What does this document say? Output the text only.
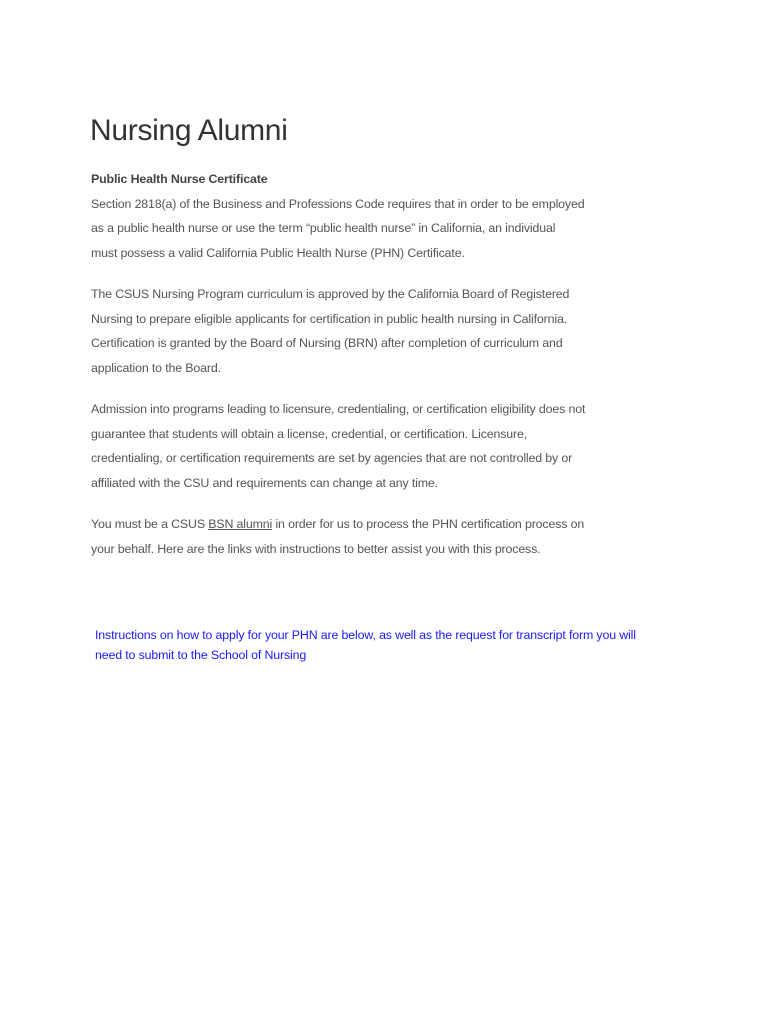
Nursing Alumni
Public Health Nurse Certificate
Section 2818(a) of the Business and Professions Code requires that in order to be employed
as a public health nurse or use the term “public health nurse” in California, an individual
must possess a valid California Public Health Nurse (PHN) Certificate.
The CSUS Nursing Program curriculum is approved by the California Board of Registered
Nursing to prepare eligible applicants for certification in public health nursing in California.
Certification is granted by the Board of Nursing (BRN) after completion of curriculum and
application to the Board.
Admission into programs leading to licensure, credentialing, or certification eligibility does not
guarantee that students will obtain a license, credential, or certification. Licensure,
credentialing, or certification requirements are set by agencies that are not controlled by or
affiliated with the CSU and requirements can change at any time.
You must be a CSUS BSN alumni in order for us to process the PHN certification process on
your behalf. Here are the links with instructions to better assist you with this process.
Instructions on how to apply for your PHN are below, as well as the request for transcript form you will
need to submit to the School of Nursing
